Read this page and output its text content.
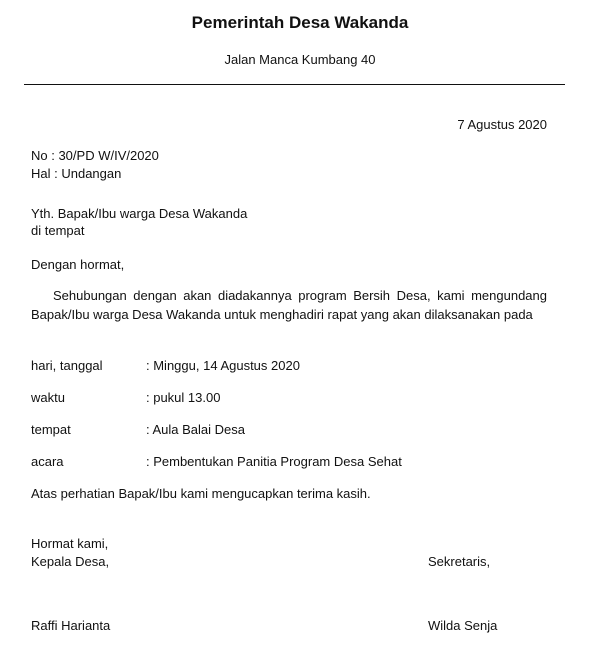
Pemerintah Desa Wakanda
Jalan Manca Kumbang 40
7 Agustus 2020
No : 30/PD W/IV/2020
Hal : Undangan
Yth. Bapak/Ibu warga Desa Wakanda
di tempat
Dengan hormat,
Sehubungan dengan akan diadakannya program Bersih Desa, kami mengundang Bapak/Ibu warga Desa Wakanda untuk menghadiri rapat yang akan dilaksanakan pada
hari, tanggal	: Minggu, 14 Agustus 2020
waktu	: pukul 13.00
tempat	: Aula Balai Desa
acara	: Pembentukan Panitia Program Desa Sehat
Atas perhatian Bapak/Ibu kami mengucapkan terima kasih.
Hormat kami,
Kepala Desa,	Sekretaris,
Raffi Harianta	Wilda Senja
